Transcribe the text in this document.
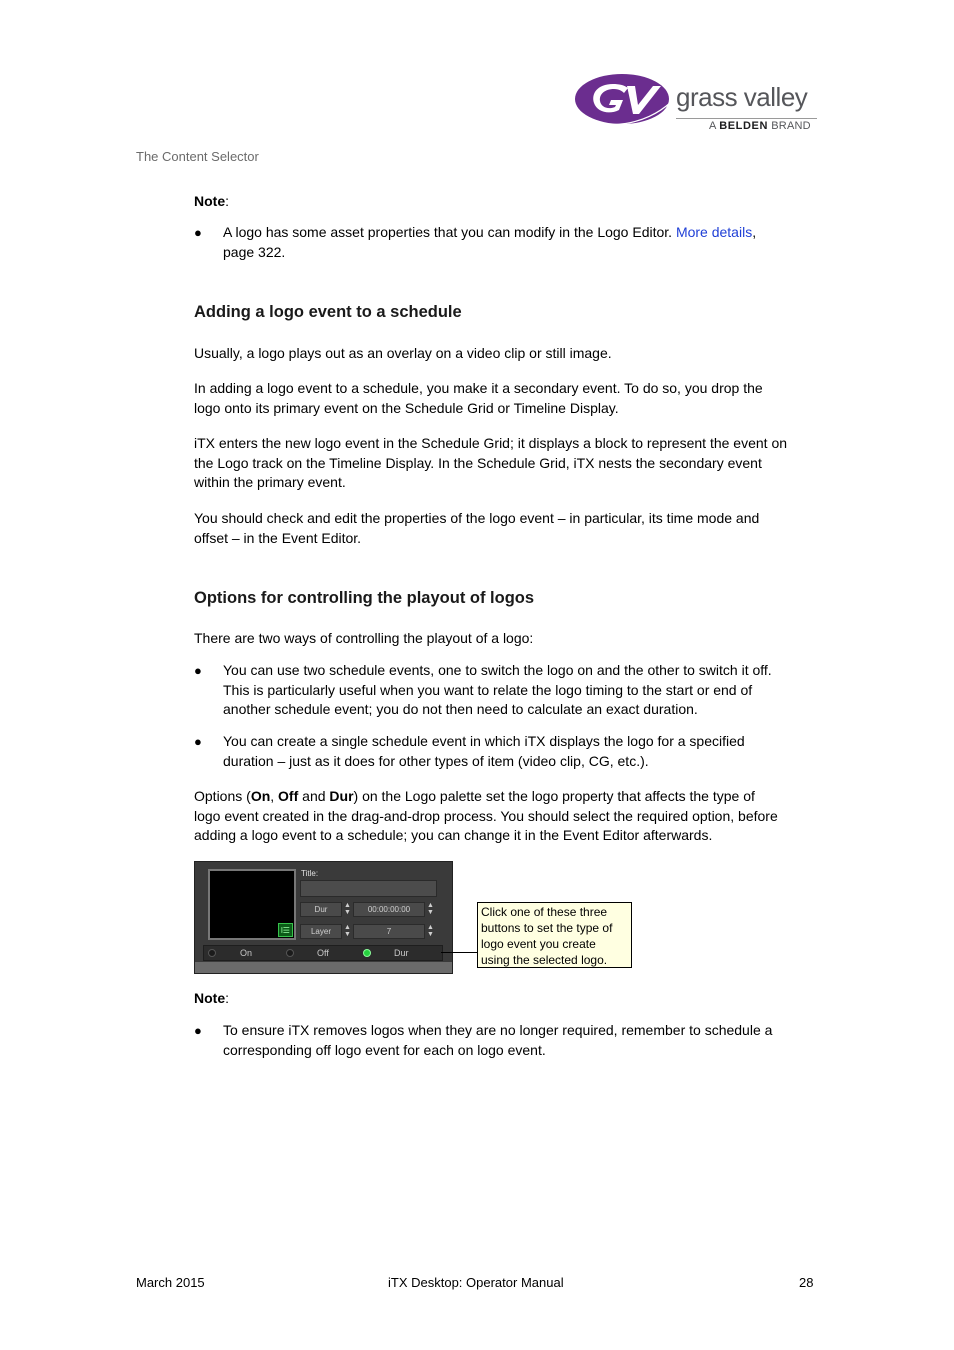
grass valley
A BELDEN BRAND
The Content Selector
Note:
● A logo has some asset properties that you can modify in the Logo Editor. More details,
page 322.
Adding a logo event to a schedule
Usually, a logo plays out as an overlay on a video clip or still image.
In adding a logo event to a schedule, you make it a secondary event. To do so, you drop the
logo onto its primary event on the Schedule Grid or Timeline Display.
iTX enters the new logo event in the Schedule Grid; it displays a block to represent the event on
the Logo track on the Timeline Display. In the Schedule Grid, iTX nests the secondary event
within the primary event.
You should check and edit the properties of the logo event – in particular, its time mode and
offset – in the Event Editor.
Options for controlling the playout of logos
There are two ways of controlling the playout of a logo:
● You can use two schedule events, one to switch the logo on and the other to switch it off.
This is particularly useful when you want to relate the logo timing to the start or end of
another schedule event; you do not then need to calculate an exact duration.
● You can create a single schedule event in which iTX displays the logo for a specified
duration – just as it does for other types of item (video clip, CG, etc.).
Options (On, Off and Dur) on the Logo palette set the logo property that affects the type of
logo event created in the drag-and-drop process. You should select the required option, before
adding a logo event to a schedule; you can change it in the Event Editor afterwards.
l☰
Title:
Dur	▲
▼	00:00:00:00	▲
▼
Layer	▲
▼	7	▲
▼
On	Off	Dur
Click one of these three
buttons to set the type of
logo event you create
using the selected logo.
Note:
● To ensure iTX removes logos when they are no longer required, remember to schedule a
corresponding off logo event for each on logo event.
March 2015	iTX Desktop: Operator Manual	28
